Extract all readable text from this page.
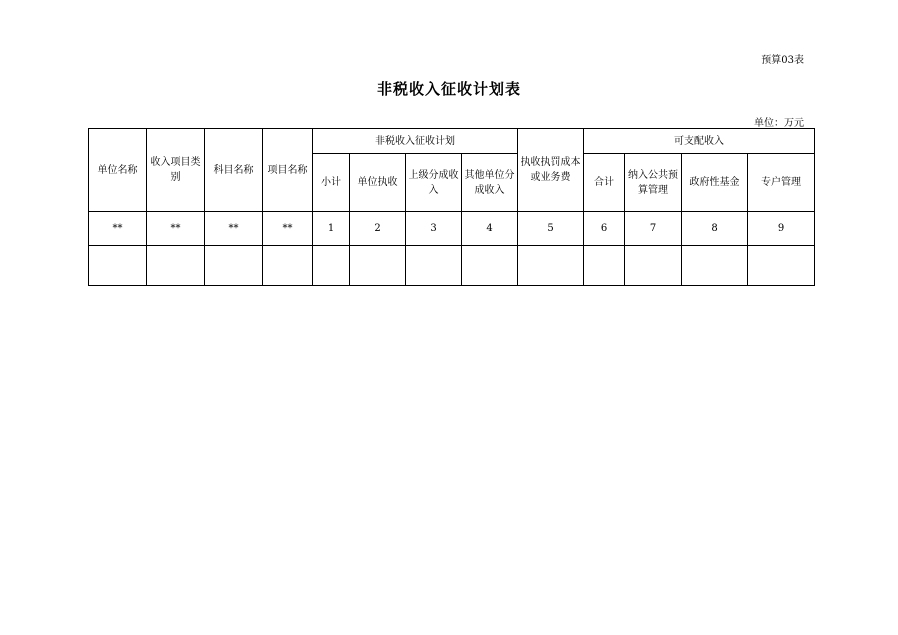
预算03表
非税收入征收计划表
单位：万元
单位名称	收入项目类别	科目名称	项目名称	非税收入征收计划				执收执罚成本或业务费	可支配收入			
				小计	单位执收	上级分成收入	其他单位分成收入		合计	纳入公共预算管理	政府性基金	专户管理
**	**	**	**	1	2	3	4	5	6	7	8	9
